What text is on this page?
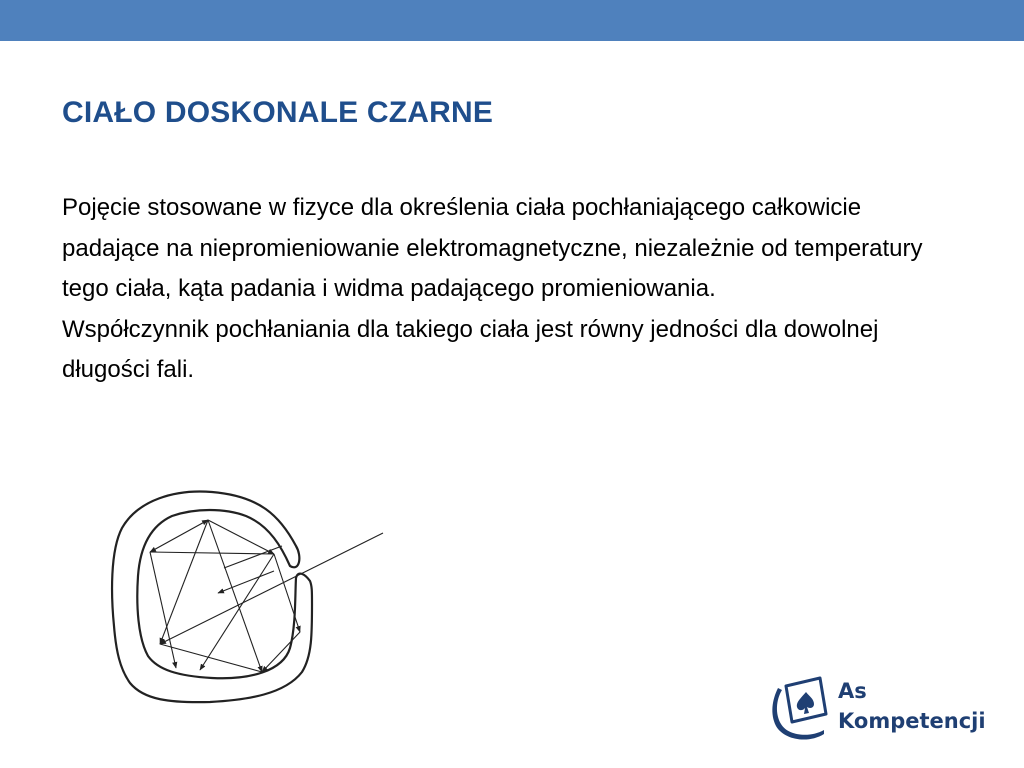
CIAŁO DOSKONALE CZARNE

Pojęcie stosowane w fizyce dla określenia ciała pochłaniającego całkowicie padające na niepromieniowanie elektromagnetyczne, niezależnie od temperatury tego ciała, kąta padania i widma padającego promieniowania.

Współczynnik pochłaniania dla takiego ciała jest równy jedności dla dowolnej długości fali.

As
Kompetencji
